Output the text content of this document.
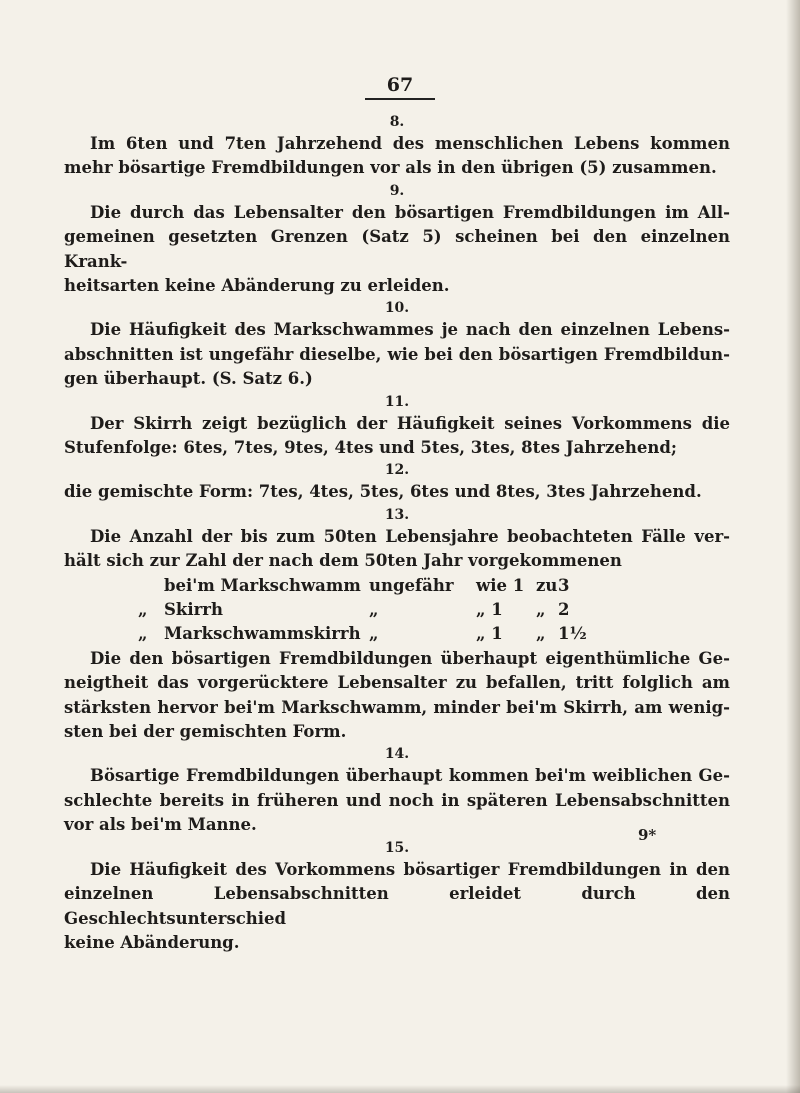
67
8.
Im 6ten und 7ten Jahrzehend des menschlichen Lebens kommen
mehr bösartige Fremdbildungen vor als in den übrigen (5) zusammen.
9.
Die durch das Lebensalter den bösartigen Fremdbildungen im All-
gemeinen gesetzten Grenzen (Satz 5) scheinen bei den einzelnen Krank-
heitsarten keine Abänderung zu erleiden.
10.
Die Häufigkeit des Markschwammes je nach den einzelnen Lebens-
abschnitten ist ungefähr dieselbe, wie bei den bösartigen Fremdbildun-
gen überhaupt. (S. Satz 6.)
11.
Der Skirrh zeigt bezüglich der Häufigkeit seines Vorkommens die
Stufenfolge: 6tes, 7tes, 9tes, 4tes und 5tes, 3tes, 8tes Jahrzehend;
12.
die gemischte Form: 7tes, 4tes, 5tes, 6tes und 8tes, 3tes Jahrzehend.
13.
Die Anzahl der bis zum 50ten Lebensjahre beobachteten Fälle ver-
hält sich zur Zahl der nach dem 50ten Jahr vorgekommenen
bei'm Markschwamm ungefähr	wie 1 zu 3
„	Skirrh	„	„ 1	„ 2
„	Markschwammskirrh „	„ 1	„ 1½
Die den bösartigen Fremdbildungen überhaupt eigenthümliche Ge-
neigtheit das vorgerücktere Lebensalter zu befallen, tritt folglich am
stärksten hervor bei'm Markschwamm, minder bei'm Skirrh, am wenig-
sten bei der gemischten Form.
14.
Bösartige Fremdbildungen überhaupt kommen bei'm weiblichen Ge-
schlechte bereits in früheren und noch in späteren Lebensabschnitten
vor als bei'm Manne.
15.
Die Häufigkeit des Vorkommens bösartiger Fremdbildungen in den
einzelnen Lebensabschnitten erleidet durch den Geschlechtsunterschied
keine Abänderung.
9*
